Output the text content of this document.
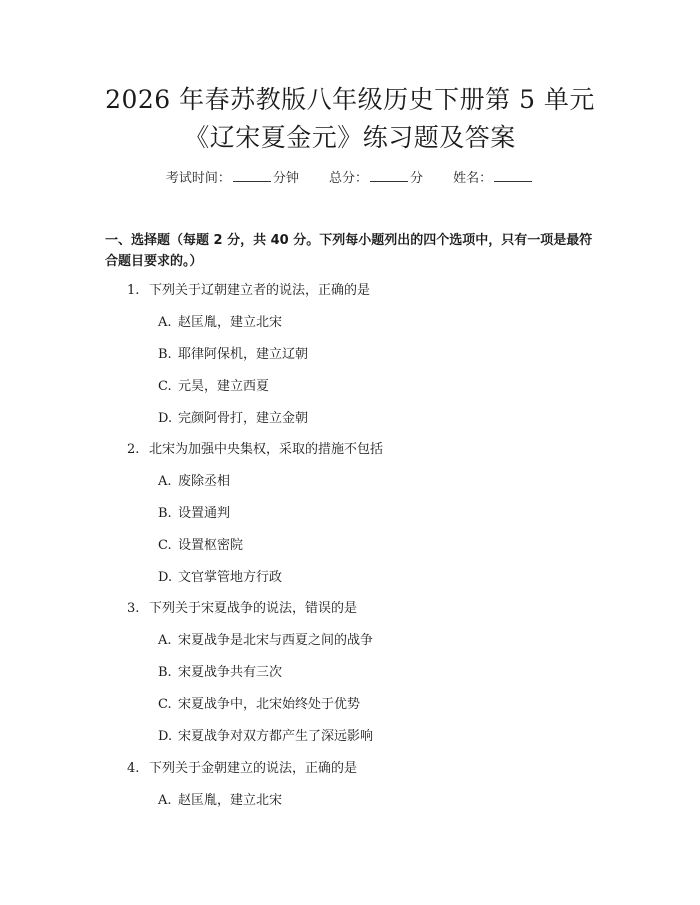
2026 年春苏教版八年级历史下册第 5 单元
《辽宋夏金元》练习题及答案
考试时间：	分钟 总分：	分 姓名：
一、选择题（每题 2 分，共 40 分。下列每小题列出的四个选项中，只有一项是最符合题目要求的。）
1. 下列关于辽朝建立者的说法，正确的是
A. 赵匡胤，建立北宋
B. 耶律阿保机，建立辽朝
C. 元昊，建立西夏
D. 完颜阿骨打，建立金朝
2. 北宋为加强中央集权，采取的措施不包括
A. 废除丞相
B. 设置通判
C. 设置枢密院
D. 文官掌管地方行政
3. 下列关于宋夏战争的说法，错误的是
A. 宋夏战争是北宋与西夏之间的战争
B. 宋夏战争共有三次
C. 宋夏战争中，北宋始终处于优势
D. 宋夏战争对双方都产生了深远影响
4. 下列关于金朝建立的说法，正确的是
A. 赵匡胤，建立北宋
